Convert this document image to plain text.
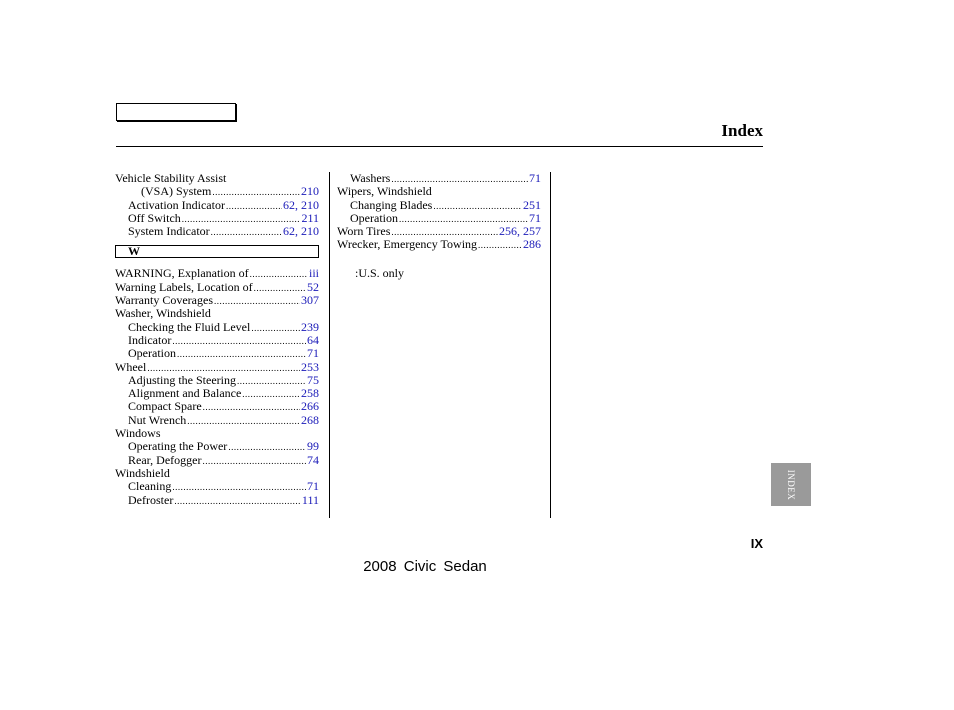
Index
Vehicle Stability Assist
(VSA) System .....	210
Activation Indicator .....	62, 210
Off Switch .....	211
System Indicator .....	62, 210
W
WARNING, Explanation of .....	iii
Warning Labels, Location of .....	52
Warranty Coverages .....	307
Washer, Windshield
Checking the Fluid Level .....	239
Indicator .....	64
Operation .....	71
Wheel .....	253
Adjusting the Steering .....	75
Alignment and Balance .....	258
Compact Spare .....	266
Nut Wrench .....	268
Windows
Operating the Power .....	99
Rear, Defogger .....	74
Windshield
Cleaning .....	71
Defroster .....	111
Washers .....	71
Wipers, Windshield
Changing Blades .....	251
Operation .....	71
Worn Tires .....	256, 257
Wrecker, Emergency Towing .....	286
:U.S. only
INDEX
IX
2008 Civic Sedan
